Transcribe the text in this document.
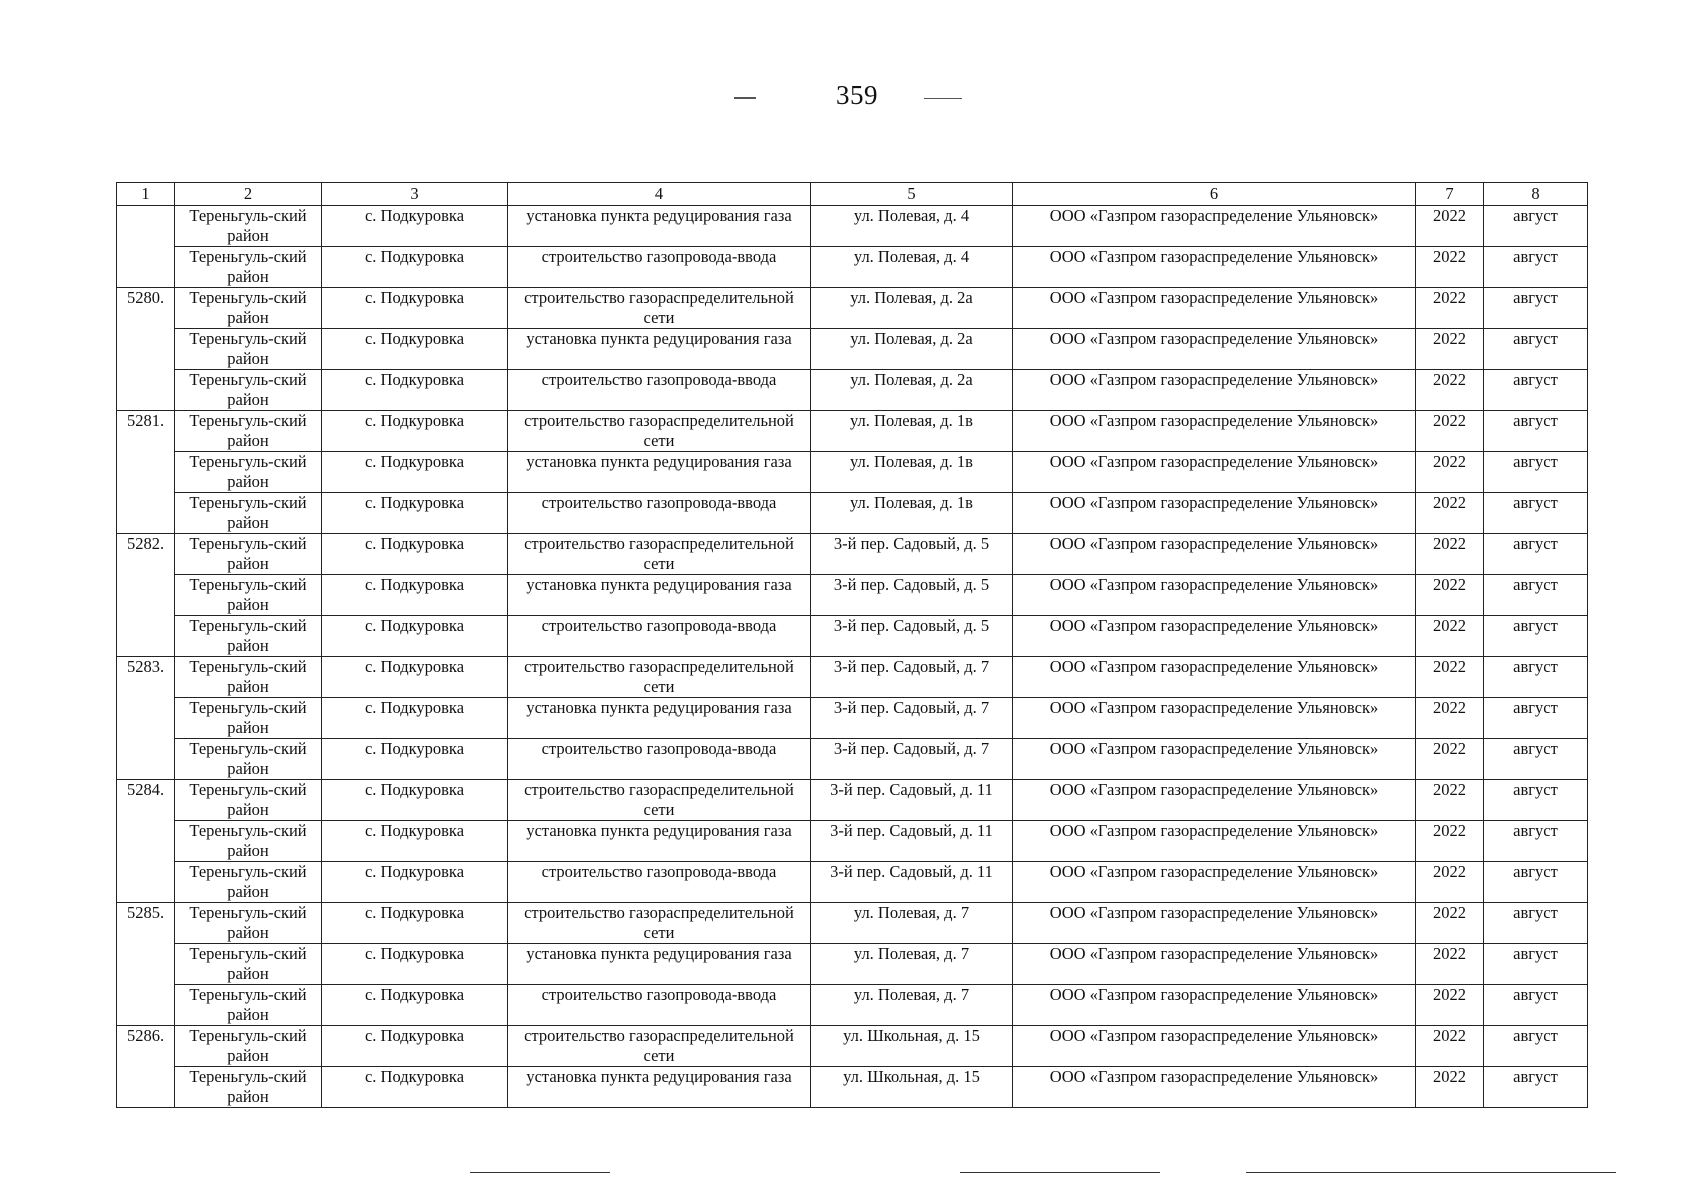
359
1	2	3	4	5	6	7	8
	Тереньгуль-ский район	с. Подкуровка	установка пункта редуцирования газа	ул. Полевая, д. 4	ООО «Газпром газораспределение Ульяновск»	2022	август
	Тереньгуль-ский район	с. Подкуровка	строительство газопровода-ввода	ул. Полевая, д. 4	ООО «Газпром газораспределение Ульяновск»	2022	август
5280.	Тереньгуль-ский район	с. Подкуровка	строительство газораспределительной сети	ул. Полевая, д. 2а	ООО «Газпром газораспределение Ульяновск»	2022	август
	Тереньгуль-ский район	с. Подкуровка	установка пункта редуцирования газа	ул. Полевая, д. 2а	ООО «Газпром газораспределение Ульяновск»	2022	август
	Тереньгуль-ский район	с. Подкуровка	строительство газопровода-ввода	ул. Полевая, д. 2а	ООО «Газпром газораспределение Ульяновск»	2022	август
5281.	Тереньгуль-ский район	с. Подкуровка	строительство газораспределительной сети	ул. Полевая, д. 1в	ООО «Газпром газораспределение Ульяновск»	2022	август
	Тереньгуль-ский район	с. Подкуровка	установка пункта редуцирования газа	ул. Полевая, д. 1в	ООО «Газпром газораспределение Ульяновск»	2022	август
	Тереньгуль-ский район	с. Подкуровка	строительство газопровода-ввода	ул. Полевая, д. 1в	ООО «Газпром газораспределение Ульяновск»	2022	август
5282.	Тереньгуль-ский район	с. Подкуровка	строительство газораспределительной сети	3-й пер. Садовый, д. 5	ООО «Газпром газораспределение Ульяновск»	2022	август
	Тереньгуль-ский район	с. Подкуровка	установка пункта редуцирования газа	3-й пер. Садовый, д. 5	ООО «Газпром газораспределение Ульяновск»	2022	август
	Тереньгуль-ский район	с. Подкуровка	строительство газопровода-ввода	3-й пер. Садовый, д. 5	ООО «Газпром газораспределение Ульяновск»	2022	август
5283.	Тереньгуль-ский район	с. Подкуровка	строительство газораспределительной сети	3-й пер. Садовый, д. 7	ООО «Газпром газораспределение Ульяновск»	2022	август
	Тереньгуль-ский район	с. Подкуровка	установка пункта редуцирования газа	3-й пер. Садовый, д. 7	ООО «Газпром газораспределение Ульяновск»	2022	август
	Тереньгуль-ский район	с. Подкуровка	строительство газопровода-ввода	3-й пер. Садовый, д. 7	ООО «Газпром газораспределение Ульяновск»	2022	август
5284.	Тереньгуль-ский район	с. Подкуровка	строительство газораспределительной сети	3-й пер. Садовый, д. 11	ООО «Газпром газораспределение Ульяновск»	2022	август
	Тереньгуль-ский район	с. Подкуровка	установка пункта редуцирования газа	3-й пер. Садовый, д. 11	ООО «Газпром газораспределение Ульяновск»	2022	август
	Тереньгуль-ский район	с. Подкуровка	строительство газопровода-ввода	3-й пер. Садовый, д. 11	ООО «Газпром газораспределение Ульяновск»	2022	август
5285.	Тереньгуль-ский район	с. Подкуровка	строительство газораспределительной сети	ул. Полевая, д. 7	ООО «Газпром газораспределение Ульяновск»	2022	август
	Тереньгуль-ский район	с. Подкуровка	установка пункта редуцирования газа	ул. Полевая, д. 7	ООО «Газпром газораспределение Ульяновск»	2022	август
	Тереньгуль-ский район	с. Подкуровка	строительство газопровода-ввода	ул. Полевая, д. 7	ООО «Газпром газораспределение Ульяновск»	2022	август
5286.	Тереньгуль-ский район	с. Подкуровка	строительство газораспределительной сети	ул. Школьная, д. 15	ООО «Газпром газораспределение Ульяновск»	2022	август
	Тереньгуль-ский район	с. Подкуровка	установка пункта редуцирования газа	ул. Школьная, д. 15	ООО «Газпром газораспределение Ульяновск»	2022	август
